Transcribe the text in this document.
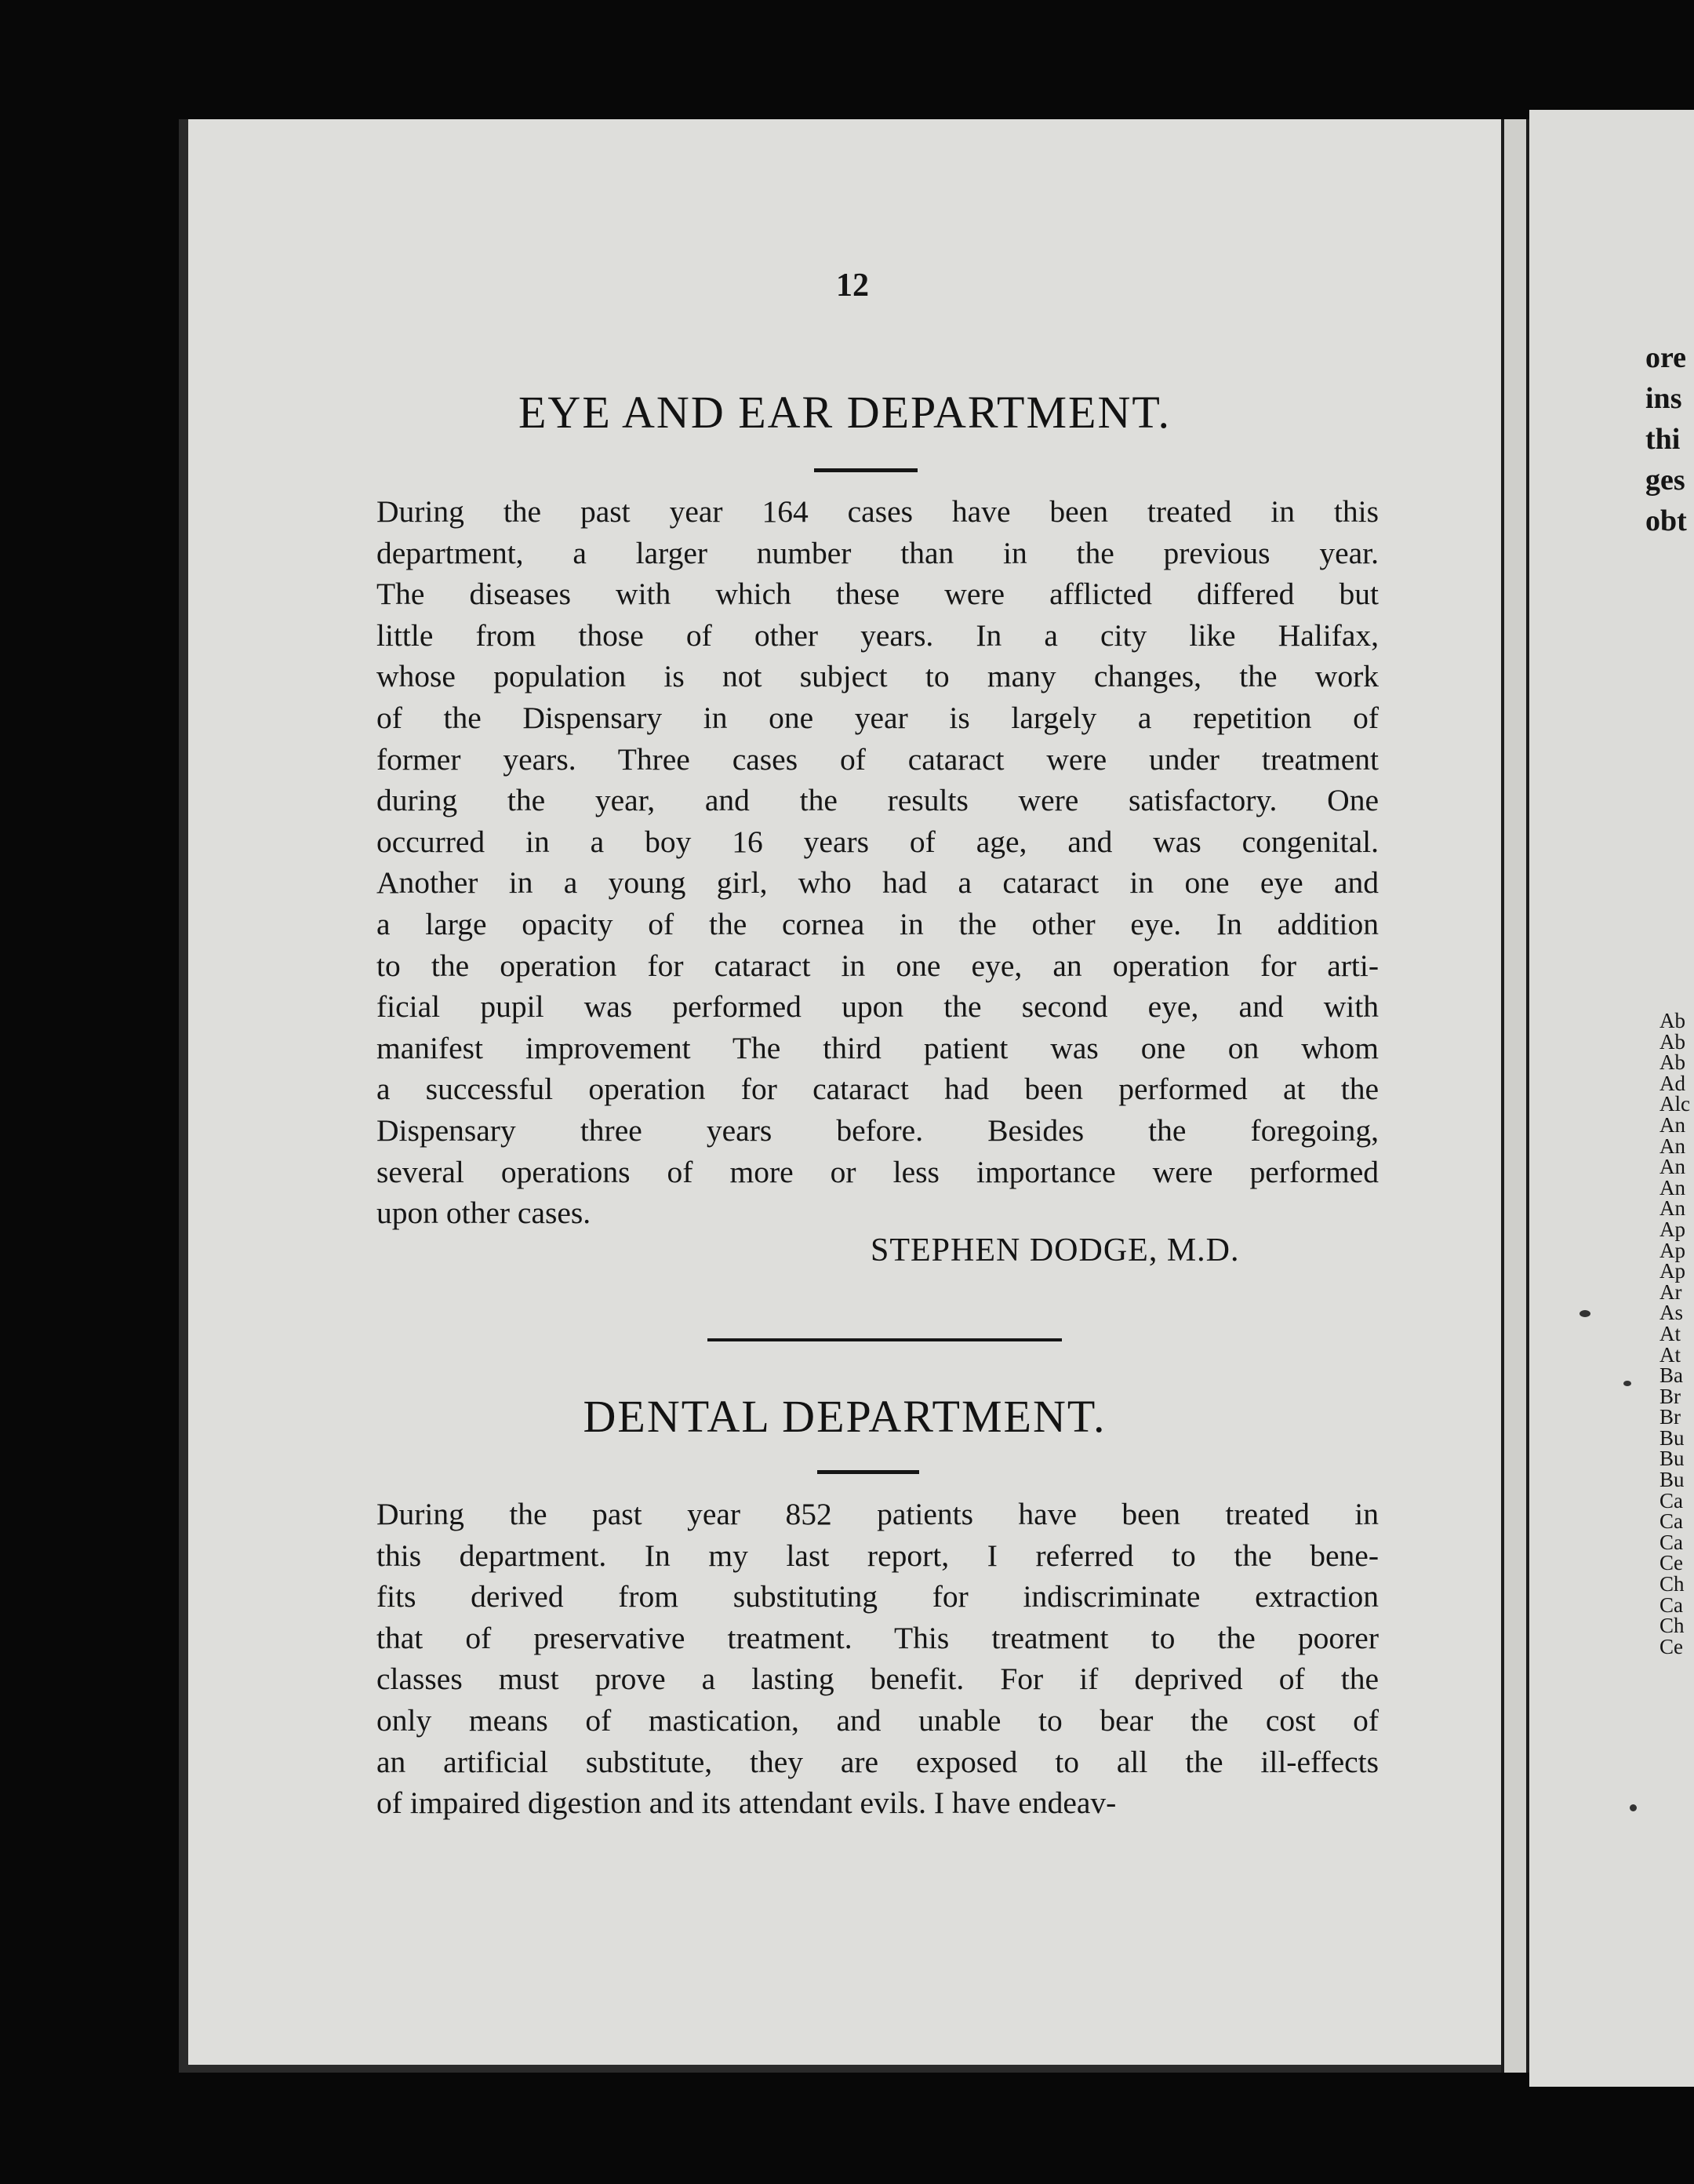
12
EYE AND EAR DEPARTMENT.
During the past year 164 cases have been treated in this
department, a larger number than in the previous year.
The diseases with which these were afflicted differed but
little from those of other years. In a city like Halifax,
whose population is not subject to many changes, the work
of the Dispensary in one year is largely a repetition of
former years. Three cases of cataract were under treatment
during the year, and the results were satisfactory. One
occurred in a boy 16 years of age, and was congenital.
Another in a young girl, who had a cataract in one eye and
a large opacity of the cornea in the other eye. In addition
to the operation for cataract in one eye, an operation for arti-
ficial pupil was performed upon the second eye, and with
manifest improvement The third patient was one on whom
a successful operation for cataract had been performed at the
Dispensary three years before. Besides the foregoing,
several operations of more or less importance were performed
upon other cases.
STEPHEN DODGE, M.D.
DENTAL DEPARTMENT.
During the past year 852 patients have been treated in
this department. In my last report, I referred to the bene-
fits derived from substituting for indiscriminate extraction
that of preservative treatment. This treatment to the poorer
classes must prove a lasting benefit. For if deprived of the
only means of mastication, and unable to bear the cost of
an artificial substitute, they are exposed to all the ill-effects
of impaired digestion and its attendant evils. I have endeav-
ore
ins
thi
ges
obt
Ab
Ab
Ab
Ad
Alc
An
An
An
An
An
Ap
Ap
Ap
Ar
As
At
At
Ba
Br
Br
Bu
Bu
Bu
Ca
Ca
Ca
Ce
Ch
Ca
Ch
Ce
